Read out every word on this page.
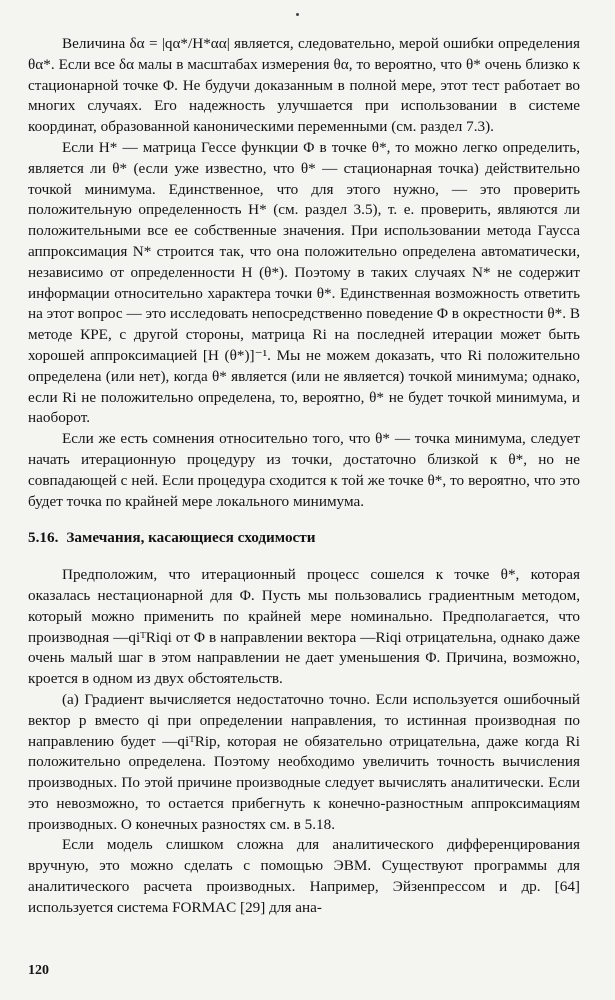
Величина δα = |qα*/H*αα| является, следовательно, мерой ошибки определения θα*. Если все δα малы в масштабах измерения θα, то вероятно, что θ* очень близко к стационарной точке Φ. Не будучи доказанным в полной мере, этот тест работает во многих случаях. Его надежность улучшается при использовании в системе координат, образованной каноническими переменными (см. раздел 7.3).

Если H* — матрица Гессе функции Φ в точке θ*, то можно легко определить, является ли θ* (если уже известно, что θ* — стационарная точка) действительно точкой минимума. Единственное, что для этого нужно, — это проверить положительную определенность H* (см. раздел 3.5), т. е. проверить, являются ли положительными все ее собственные значения. При использовании метода Гаусса аппроксимация N* строится так, что она положительно определена автоматически, независимо от определенности H (θ*). Поэтому в таких случаях N* не содержит информации относительно характера точки θ*. Единственная возможность ответить на этот вопрос — это исследовать непосредственно поведение Φ в окрестности θ*. В методе КРЕ, с другой стороны, матрица Ri на последней итерации может быть хорошей аппроксимацией [H (θ*)]⁻¹. Мы не можем доказать, что Ri положительно определена (или нет), когда θ* является (или не является) точкой минимума; однако, если Ri не положительно определена, то, вероятно, θ* не будет точкой минимума, и наоборот.

Если же есть сомнения относительно того, что θ* — точка минимума, следует начать итерационную процедуру из точки, достаточно близкой к θ*, но не совпадающей с ней. Если процедура сходится к той же точке θ*, то вероятно, что это будет точка по крайней мере локального минимума.

5.16. Замечания, касающиеся сходимости

Предположим, что итерационный процесс сошелся к точке θ*, которая оказалась нестационарной для Φ. Пусть мы пользовались градиентным методом, который можно применить по крайней мере номинально. Предполагается, что производная —qiᵀRiqi от Φ в направлении вектора —Riqi отрицательна, однако даже очень малый шаг в этом направлении не дает уменьшения Φ. Причина, возможно, кроется в одном из двух обстоятельств.

(а) Градиент вычисляется недостаточно точно. Если используется ошибочный вектор p вместо qi при определении направления, то истинная производная по направлению будет —qiᵀRip, которая не обязательно отрицательна, даже когда Ri положительно определена. Поэтому необходимо увеличить точность вычисления производных. По этой причине производные следует вычислять аналитически. Если это невозможно, то остается прибегнуть к конечно-разностным аппроксимациям производных. О конечных разностях см. в 5.18.

Если модель слишком сложна для аналитического дифференцирования вручную, это можно сделать с помощью ЭВМ. Существуют программы для аналитического расчета производных. Например, Эйзенпрессом и др. [64] используется система FORMAC [29] для ана-

120
